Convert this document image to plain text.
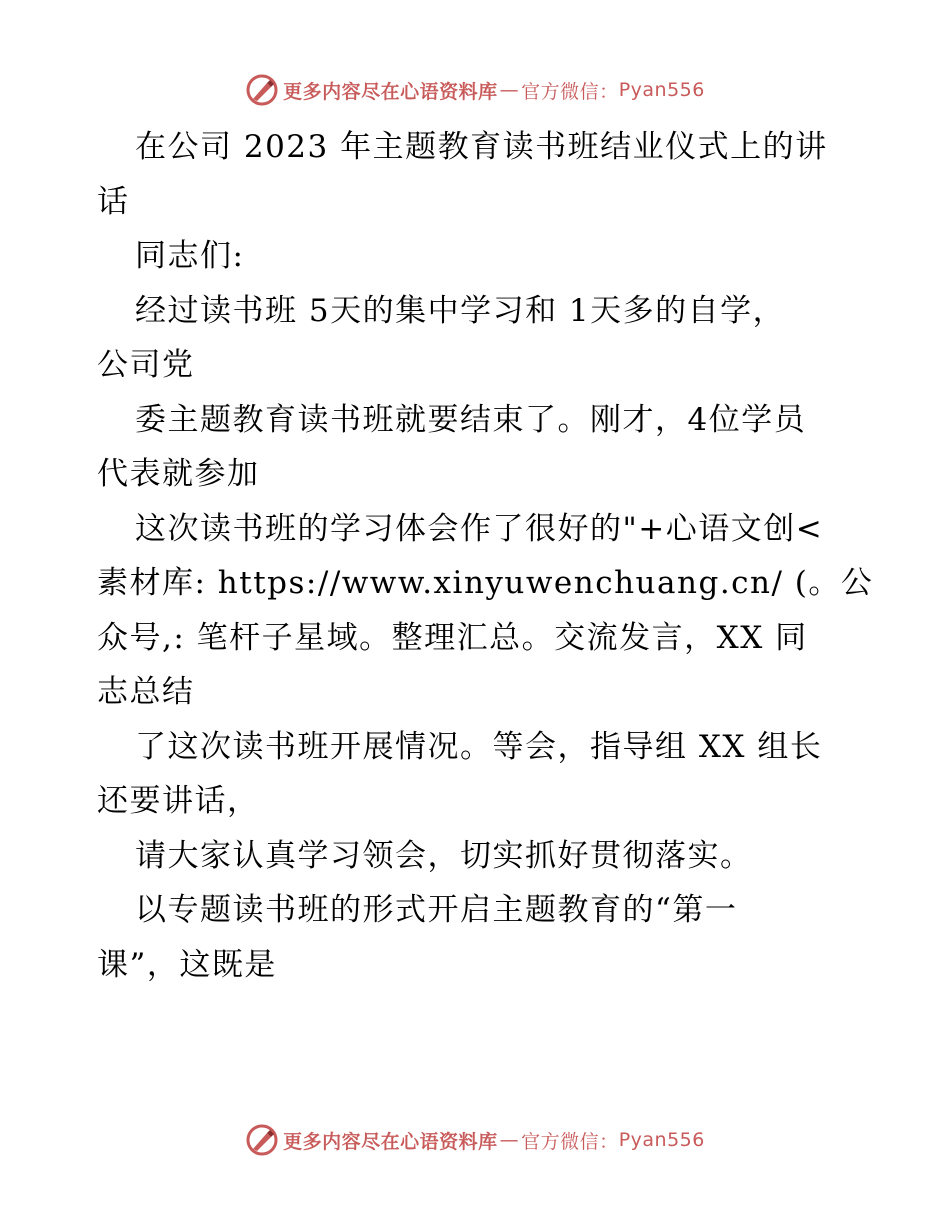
更多内容尽在心语资料库 — 官方微信： Pyan556
在公司 2023 年主题教育读书班结业仪式上的讲
话
同志们:
经过读书班 5天的集中学习和 1天多的自学，
公司党
委主题教育读书班就要结束了。刚才，4位学员
代表就参加
这次读书班的学习体会作了很好的"+心语文创<
素材库: https://www.xinyuwenchuang.cn/ (。公
众号,: 笔杆子星域。整理汇总。交流发言，XX 同
志总结
了这次读书班开展情况。等会，指导组 XX 组长
还要讲话，
请大家认真学习领会，切实抓好贯彻落实。
以专题读书班的形式开启主题教育的“第一
课”，这既是
更多内容尽在心语资料库 — 官方微信： Pyan556
